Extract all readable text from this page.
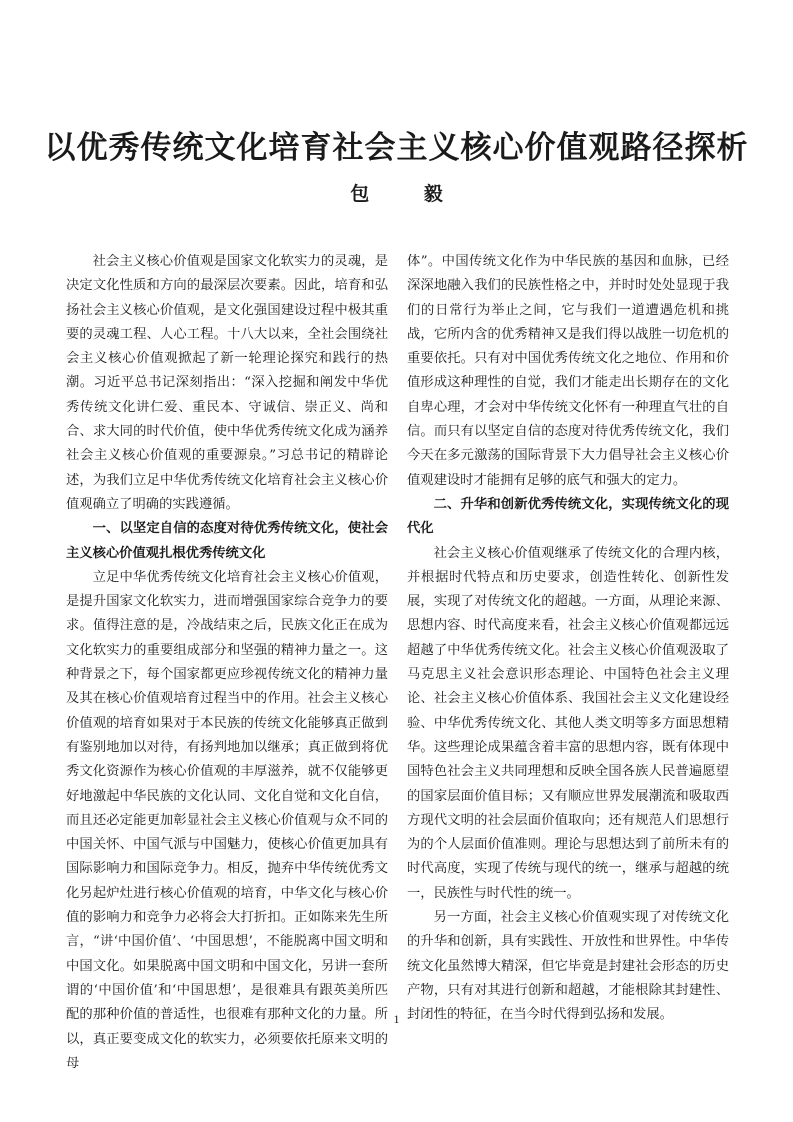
以优秀传统文化培育社会主义核心价值观路径探析
包 毅

社会主义核心价值观是国家文化软实力的灵魂，是决定文化性质和方向的最深层次要素。因此，培育和弘扬社会主义核心价值观，是文化强国建设过程中极其重要的灵魂工程、人心工程。十八大以来，全社会围绕社会主义核心价值观掀起了新一轮理论探究和践行的热潮。习近平总书记深刻指出：“深入挖掘和阐发中华优秀传统文化讲仁爱、重民本、守诚信、崇正义、尚和合、求大同的时代价值，使中华优秀传统文化成为涵养社会主义核心价值观的重要源泉。”习总书记的精辟论述，为我们立足中华优秀传统文化培育社会主义核心价值观确立了明确的实践遵循。

一、以坚定自信的态度对待优秀传统文化，使社会主义核心价值观扎根优秀传统文化

立足中华优秀传统文化培育社会主义核心价值观，是提升国家文化软实力，进而增强国家综合竞争力的要求。值得注意的是，冷战结束之后，民族文化正在成为文化软实力的重要组成部分和坚强的精神力量之一。这种背景之下，每个国家都更应珍视传统文化的精神力量及其在核心价值观培育过程当中的作用。社会主义核心价值观的培育如果对于本民族的传统文化能够真正做到有鉴别地加以对待，有扬判地加以继承；真正做到将优秀文化资源作为核心价值观的丰厚滋养，就不仅能够更好地激起中华民族的文化认同、文化自觉和文化自信，而且还必定能更加彰显社会主义核心价值观与众不同的中国关怀、中国气派与中国魅力，使核心价值更加具有国际影响力和国际竞争力。相反，抛弃中华传统优秀文化另起炉灶进行核心价值观的培育，中华文化与核心价值的影响力和竞争力必将会大打折扣。正如陈来先生所言，“讲‘中国价值’、‘中国思想’，不能脱离中国文明和中国文化。如果脱离中国文明和中国文化，另讲一套所谓的‘中国价值’和‘中国思想’，是很难具有跟英美所匹配的那种价值的普适性，也很难有那种文化的力量。所以，真正要变成文化的软实力，必须要依托原来文明的母

体”。中国传统文化作为中华民族的基因和血脉，已经深深地融入我们的民族性格之中，并时时处处显现于我们的日常行为举止之间，它与我们一道遭遇危机和挑战，它所内含的优秀精神又是我们得以战胜一切危机的重要依托。只有对中国优秀传统文化之地位、作用和价值形成这种理性的自觉，我们才能走出长期存在的文化自卑心理，才会对中华传统文化怀有一种理直气壮的自信。而只有以坚定自信的态度对待优秀传统文化，我们今天在多元激荡的国际背景下大力倡导社会主义核心价值观建设时才能拥有足够的底气和强大的定力。

二、升华和创新优秀传统文化，实现传统文化的现代化

社会主义核心价值观继承了传统文化的合理内核，并根据时代特点和历史要求，创造性转化、创新性发展，实现了对传统文化的超越。一方面，从理论来源、思想内容、时代高度来看，社会主义核心价值观都远远超越了中华优秀传统文化。社会主义核心价值观汲取了马克思主义社会意识形态理论、中国特色社会主义理论、社会主义核心价值体系、我国社会主义文化建设经验、中华优秀传统文化、其他人类文明等多方面思想精华。这些理论成果蕴含着丰富的思想内容，既有体现中国特色社会主义共同理想和反映全国各族人民普遍愿望的国家层面价值目标；又有顺应世界发展潮流和吸取西方现代文明的社会层面价值取向；还有规范人们思想行为的个人层面价值准则。理论与思想达到了前所未有的时代高度，实现了传统与现代的统一，继承与超越的统一，民族性与时代性的统一。

另一方面，社会主义核心价值观实现了对传统文化的升华和创新，具有实践性、开放性和世界性。中华传统文化虽然博大精深，但它毕竟是封建社会形态的历史产物，只有对其进行创新和超越，才能根除其封建性、封闭性的特征，在当今时代得到弘扬和发展。

1
